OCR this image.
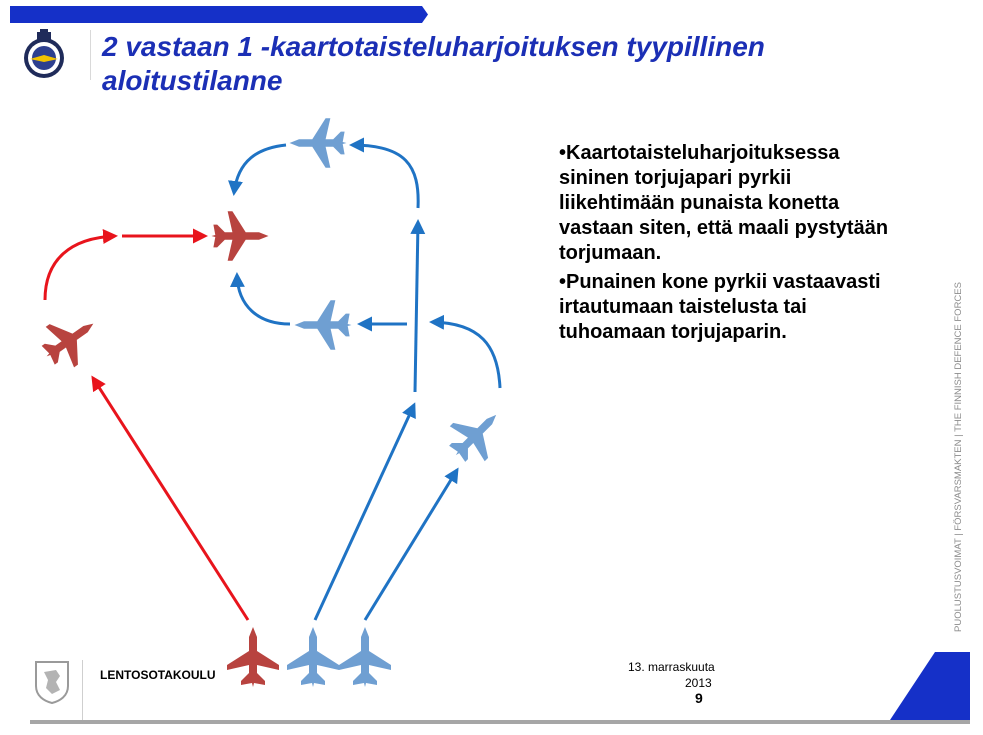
2 vastaan 1 -kaartotaisteluharjoituksen tyypillinen aloitustilanne

•Kaartotaisteluharjoituksessa sininen torjujapari pyrkii liikehtimään punaista konetta vastaan siten, että maali pystytään torjumaan.

•Punainen kone pyrkii vastaavasti irtautumaan taistelusta tai tuhoamaan torjujaparin.	PUOLUSTUSVOIMAT | FÖRSVARSMAKTEN | THE FINNISH DEFENCE FORCES
LENTOSOTAKOULU
13. marraskuuta
2013
9
